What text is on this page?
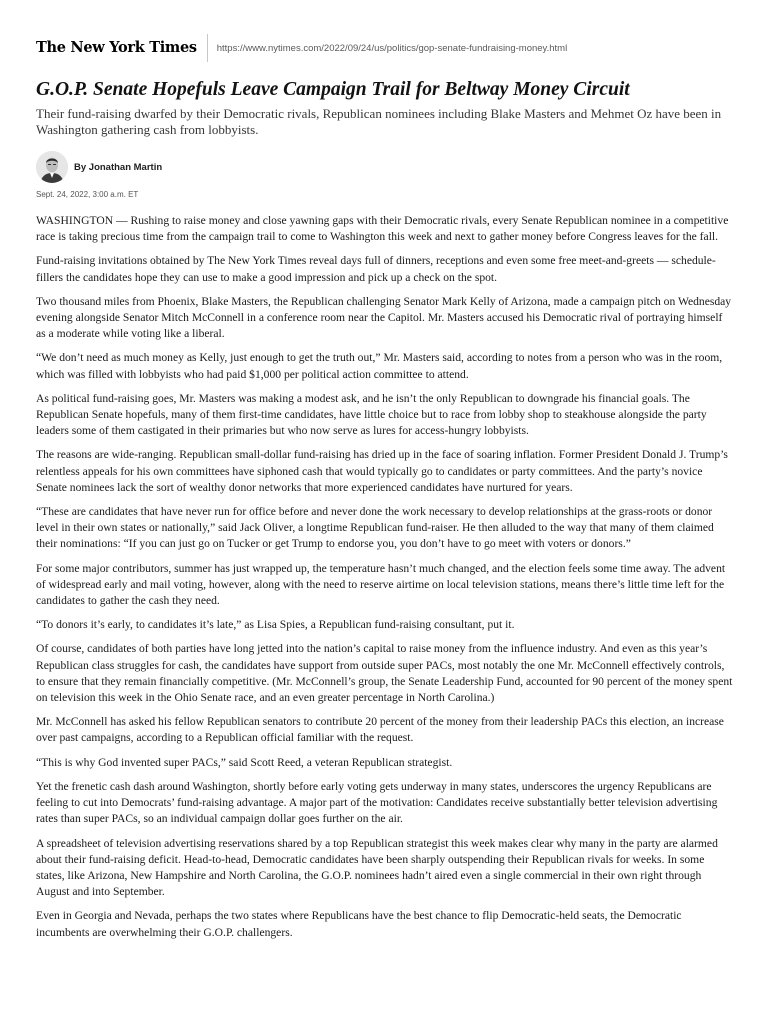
The New York Times	https://www.nytimes.com/2022/09/24/us/politics/gop-senate-fundraising-money.html
G.O.P. Senate Hopefuls Leave Campaign Trail for Beltway Money Circuit

Their fund-raising dwarfed by their Democratic rivals, Republican nominees including Blake Masters and Mehmet Oz have been in Washington gathering cash from lobbyists.

By Jonathan Martin
Sept. 24, 2022, 3:00 a.m. ET

WASHINGTON — Rushing to raise money and close yawning gaps with their Democratic rivals, every Senate Republican nominee in a competitive race is taking precious time from the campaign trail to come to Washington this week and next to gather money before Congress leaves for the fall.

Fund-raising invitations obtained by The New York Times reveal days full of dinners, receptions and even some free meet-and-greets — schedule-fillers the candidates hope they can use to make a good impression and pick up a check on the spot.

Two thousand miles from Phoenix, Blake Masters, the Republican challenging Senator Mark Kelly of Arizona, made a campaign pitch on Wednesday evening alongside Senator Mitch McConnell in a conference room near the Capitol. Mr. Masters accused his Democratic rival of portraying himself as a moderate while voting like a liberal.

“We don’t need as much money as Kelly, just enough to get the truth out,” Mr. Masters said, according to notes from a person who was in the room, which was filled with lobbyists who had paid $1,000 per political action committee to attend.

As political fund-raising goes, Mr. Masters was making a modest ask, and he isn’t the only Republican to downgrade his financial goals. The Republican Senate hopefuls, many of them first-time candidates, have little choice but to race from lobby shop to steakhouse alongside the party leaders some of them castigated in their primaries but who now serve as lures for access-hungry lobbyists.

The reasons are wide-ranging. Republican small-dollar fund-raising has dried up in the face of soaring inflation. Former President Donald J. Trump’s relentless appeals for his own committees have siphoned cash that would typically go to candidates or party committees. And the party’s novice Senate nominees lack the sort of wealthy donor networks that more experienced candidates have nurtured for years.

“These are candidates that have never run for office before and never done the work necessary to develop relationships at the grass-roots or donor level in their own states or nationally,” said Jack Oliver, a longtime Republican fund-raiser. He then alluded to the way that many of them claimed their nominations: “If you can just go on Tucker or get Trump to endorse you, you don’t have to go meet with voters or donors.”

For some major contributors, summer has just wrapped up, the temperature hasn’t much changed, and the election feels some time away. The advent of widespread early and mail voting, however, along with the need to reserve airtime on local television stations, means there’s little time left for the candidates to gather the cash they need.

“To donors it’s early, to candidates it’s late,” as Lisa Spies, a Republican fund-raising consultant, put it.

Of course, candidates of both parties have long jetted into the nation’s capital to raise money from the influence industry. And even as this year’s Republican class struggles for cash, the candidates have support from outside super PACs, most notably the one Mr. McConnell effectively controls, to ensure that they remain financially competitive. (Mr. McConnell’s group, the Senate Leadership Fund, accounted for 90 percent of the money spent on television this week in the Ohio Senate race, and an even greater percentage in North Carolina.)

Mr. McConnell has asked his fellow Republican senators to contribute 20 percent of the money from their leadership PACs this election, an increase over past campaigns, according to a Republican official familiar with the request.

“This is why God invented super PACs,” said Scott Reed, a veteran Republican strategist.

Yet the frenetic cash dash around Washington, shortly before early voting gets underway in many states, underscores the urgency Republicans are feeling to cut into Democrats’ fund-raising advantage. A major part of the motivation: Candidates receive substantially better television advertising rates than super PACs, so an individual campaign dollar goes further on the air.

A spreadsheet of television advertising reservations shared by a top Republican strategist this week makes clear why many in the party are alarmed about their fund-raising deficit. Head-to-head, Democratic candidates have been sharply outspending their Republican rivals for weeks. In some states, like Arizona, New Hampshire and North Carolina, the G.O.P. nominees hadn’t aired even a single commercial in their own right through August and into September.

Even in Georgia and Nevada, perhaps the two states where Republicans have the best chance to flip Democratic-held seats, the Democratic incumbents are overwhelming their G.O.P. challengers.
